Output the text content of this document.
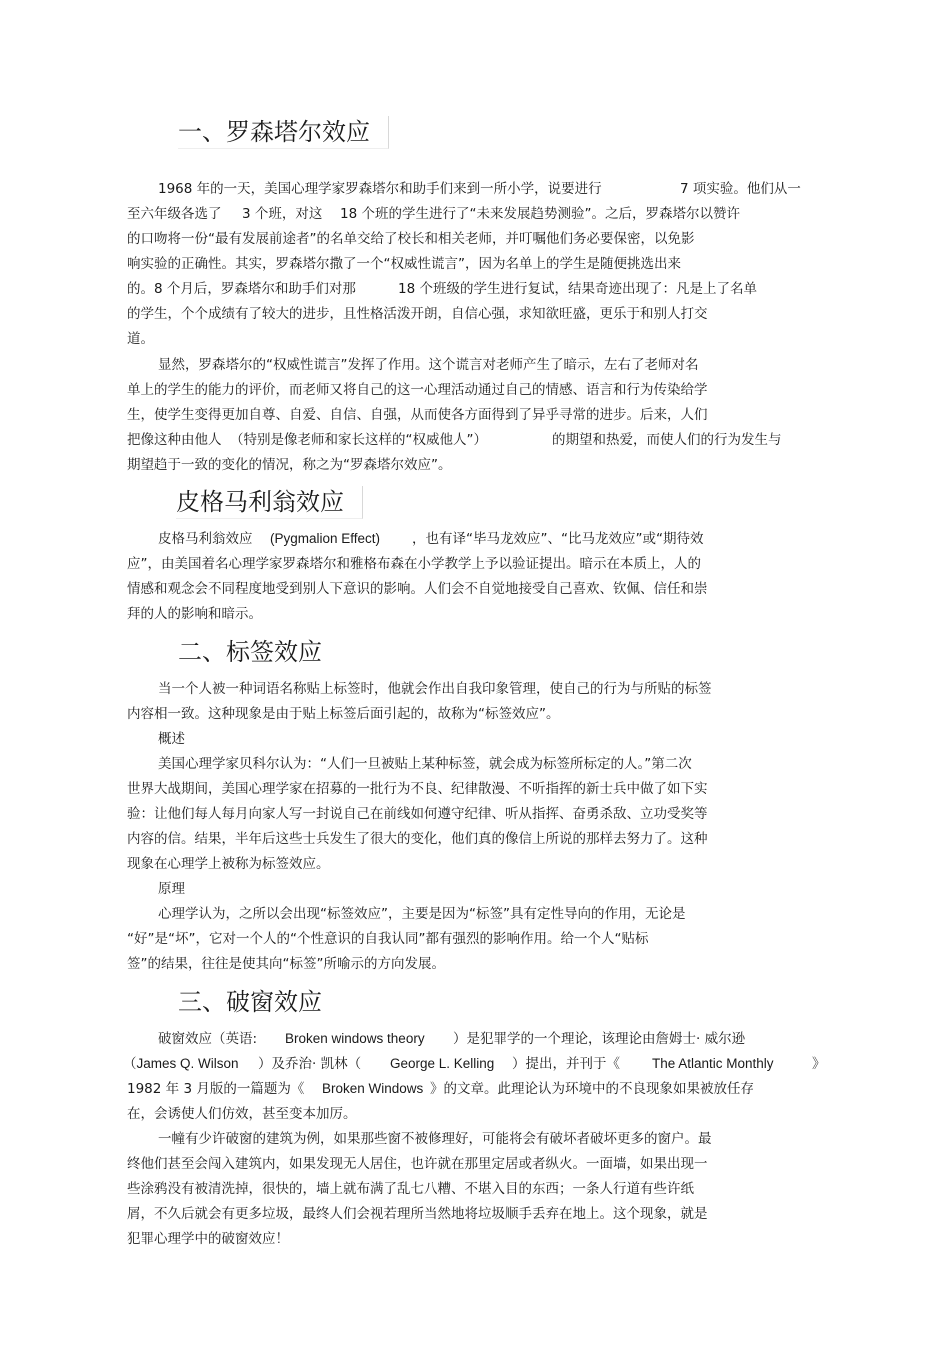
一、罗森塔尔效应
1968 年的一天，美国心理学家罗森塔尔和助手们来到一所小学，说要进行	7 项实验。他们从一
至六年级各选了 3 个班，对这 18 个班的学生进行了“未来发展趋势测验”。之后，罗森塔尔以赞许
的口吻将一份“最有发展前途者”的名单交给了校长和相关老师，并叮嘱他们务必要保密，以免影
响实验的正确性。其实，罗森塔尔撒了一个“权威性谎言”，因为名单上的学生是随便挑选出来
的。8 个月后，罗森塔尔和助手们对那	18 个班级的学生进行复试，结果奇迹出现了：凡是上了名单
的学生，个个成绩有了较大的进步，且性格活泼开朗，自信心强，求知欲旺盛，更乐于和别人打交
道。
显然，罗森塔尔的“权威性谎言”发挥了作用。这个谎言对老师产生了暗示，左右了老师对名
单上的学生的能力的评价，而老师又将自己的这一心理活动通过自己的情感、语言和行为传染给学
生，使学生变得更加自尊、自爱、自信、自强，从而使各方面得到了异乎寻常的进步。后来，人们
把像这种由他人 （特别是像老师和家长这样的“权威他人”）	的期望和热爱，而使人们的行为发生与
期望趋于一致的变化的情况，称之为“罗森塔尔效应”。
皮格马利翁效应
皮格马利翁效应 (Pygmalion Effect) ，也有译“毕马龙效应”、“比马龙效应”或“期待效
应”，由美国着名心理学家罗森塔尔和雅格布森在小学教学上予以验证提出。暗示在本质上，人的
情感和观念会不同程度地受到别人下意识的影响。人们会不自觉地接受自己喜欢、钦佩、信任和崇
拜的人的影响和暗示。
二、标签效应
当一个人被一种词语名称贴上标签时，他就会作出自我印象管理，使自己的行为与所贴的标签
内容相一致。这种现象是由于贴上标签后面引起的，故称为“标签效应”。
概述
美国心理学家贝科尔认为：“人们一旦被贴上某种标签，就会成为标签所标定的人。”第二次
世界大战期间，美国心理学家在招募的一批行为不良、纪律散漫、不听指挥的新士兵中做了如下实
验：让他们每人每月向家人写一封说自己在前线如何遵守纪律、听从指挥、奋勇杀敌、立功受奖等
内容的信。结果，半年后这些士兵发生了很大的变化，他们真的像信上所说的那样去努力了。这种
现象在心理学上被称为标签效应。
原理
心理学认为，之所以会出现“标签效应”，主要是因为“标签”具有定性导向的作用，无论是
“好”是“坏”，它对一个人的“个性意识的自我认同”都有强烈的影响作用。给一个人“贴标
签”的结果，往往是使其向“标签”所喻示的方向发展。
三、破窗效应
破窗效应（英语: Broken windows theory ）是犯罪学的一个理论，该理论由詹姆士· 威尔逊
（James Q. Wilson ）及乔治· 凯林（ George L. Kelling ）提出，并刊于《 The Atlantic Monthly	》
1982 年 3 月版的一篇题为《 Broken Windows 》的文章。此理论认为环境中的不良现象如果被放任存
在，会诱使人们仿效，甚至变本加厉。
一幢有少许破窗的建筑为例，如果那些窗不被修理好，可能将会有破坏者破坏更多的窗户。最
终他们甚至会闯入建筑内，如果发现无人居住，也许就在那里定居或者纵火。一面墙，如果出现一
些涂鸦没有被清洗掉，很快的，墙上就布满了乱七八糟、不堪入目的东西；一条人行道有些许纸
屑，不久后就会有更多垃圾，最终人们会视若理所当然地将垃圾顺手丢弃在地上。这个现象，就是
犯罪心理学中的破窗效应！
